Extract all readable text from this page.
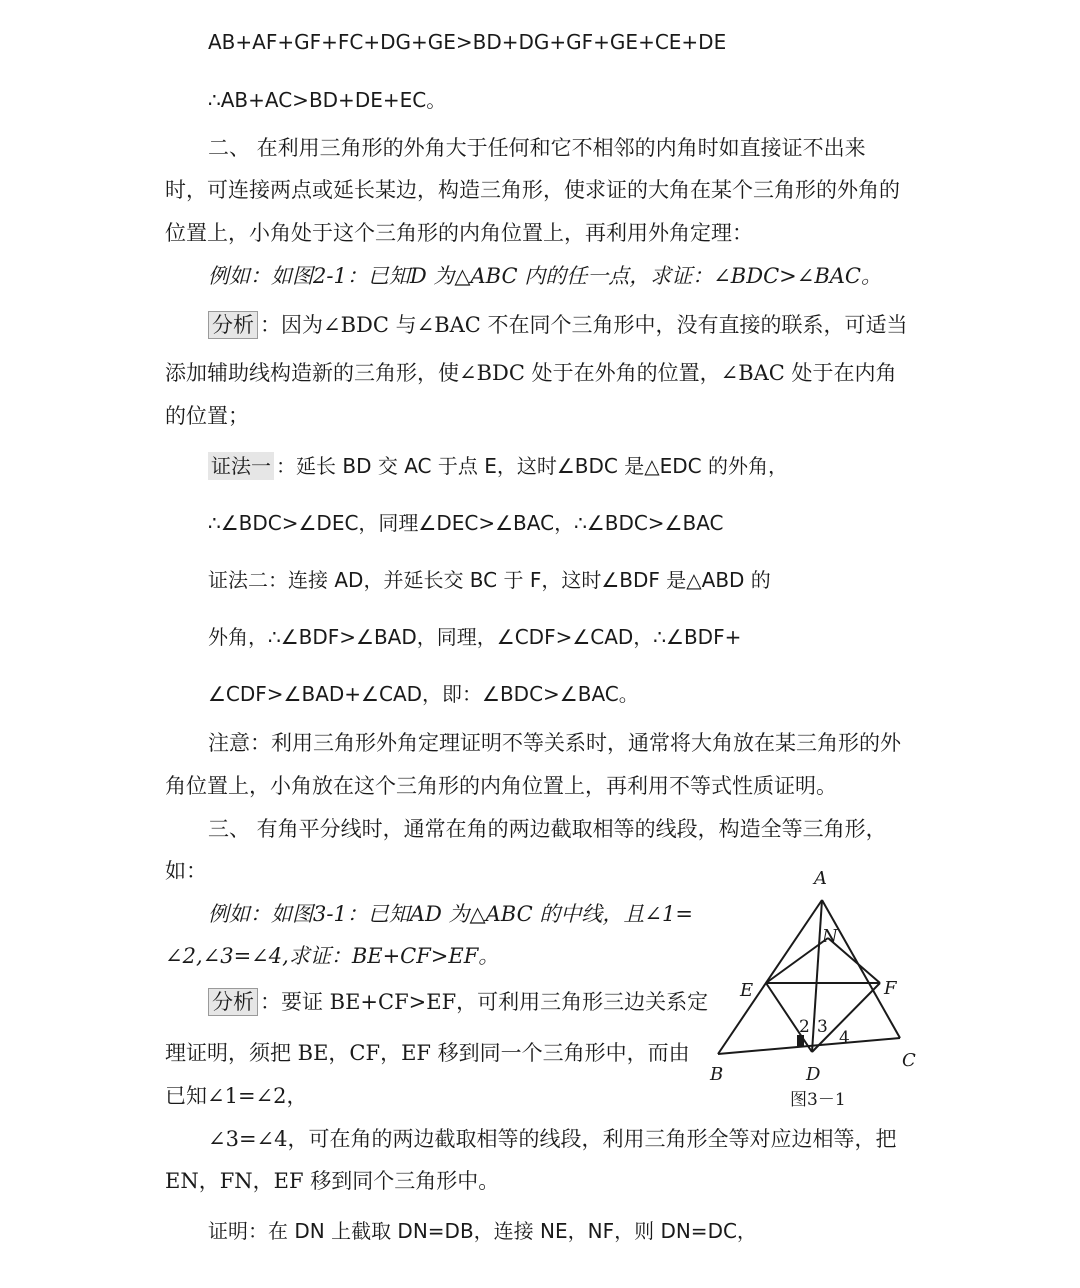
AB+AF+GF+FC+DG+GE>BD+DG+GF+GE+CE+DE
∴AB+AC>BD+DE+EC。
二、 在利用三角形的外角大于任何和它不相邻的内角时如直接证不出来
时，可连接两点或延长某边，构造三角形，使求证的大角在某个三角形的外角的
位置上，小角处于这个三角形的内角位置上，再利用外角定理：
例如：如图2-1：已知D 为△ABC 内的任一点，求证：∠BDC>∠BAC。
分析 ：因为∠BDC 与∠BAC 不在同个三角形中，没有直接的联系，可适当
添加辅助线构造新的三角形，使∠BDC 处于在外角的位置，∠BAC 处于在内角
的位置；
证法一 ：延长 BD 交 AC 于点 E，这时∠BDC 是△EDC 的外角，
∴∠BDC>∠DEC，同理∠DEC>∠BAC，∴∠BDC>∠BAC
证法二：连接 AD，并延长交 BC 于 F，这时∠BDF 是△ABD 的
外角，∴∠BDF>∠BAD，同理，∠CDF>∠CAD，∴∠BDF+
∠CDF>∠BAD+∠CAD，即：∠BDC>∠BAC。
注意：利用三角形外角定理证明不等关系时，通常将大角放在某三角形的外
角位置上，小角放在这个三角形的内角位置上，再利用不等式性质证明。
三、 有角平分线时，通常在角的两边截取相等的线段，构造全等三角形，
如：
例如：如图3-1：已知AD 为△ABC 的中线，且∠1=
∠2,∠3=∠4,求证：BE+CF>EF。
分析 ：要证 BE+CF>EF，可利用三角形三边关系定
理证明，须把 BE，CF，EF 移到同一个三角形中，而由
已知∠1=∠2，
∠3=∠4，可在角的两边截取相等的线段，利用三角形全等对应边相等，把
EN，FN，EF 移到同个三角形中。
证明：在 DN 上截取 DN=DB，连接 NE，NF，则 DN=DC，
A
N
E	F
B
C
D
2 3
4
图3－1
